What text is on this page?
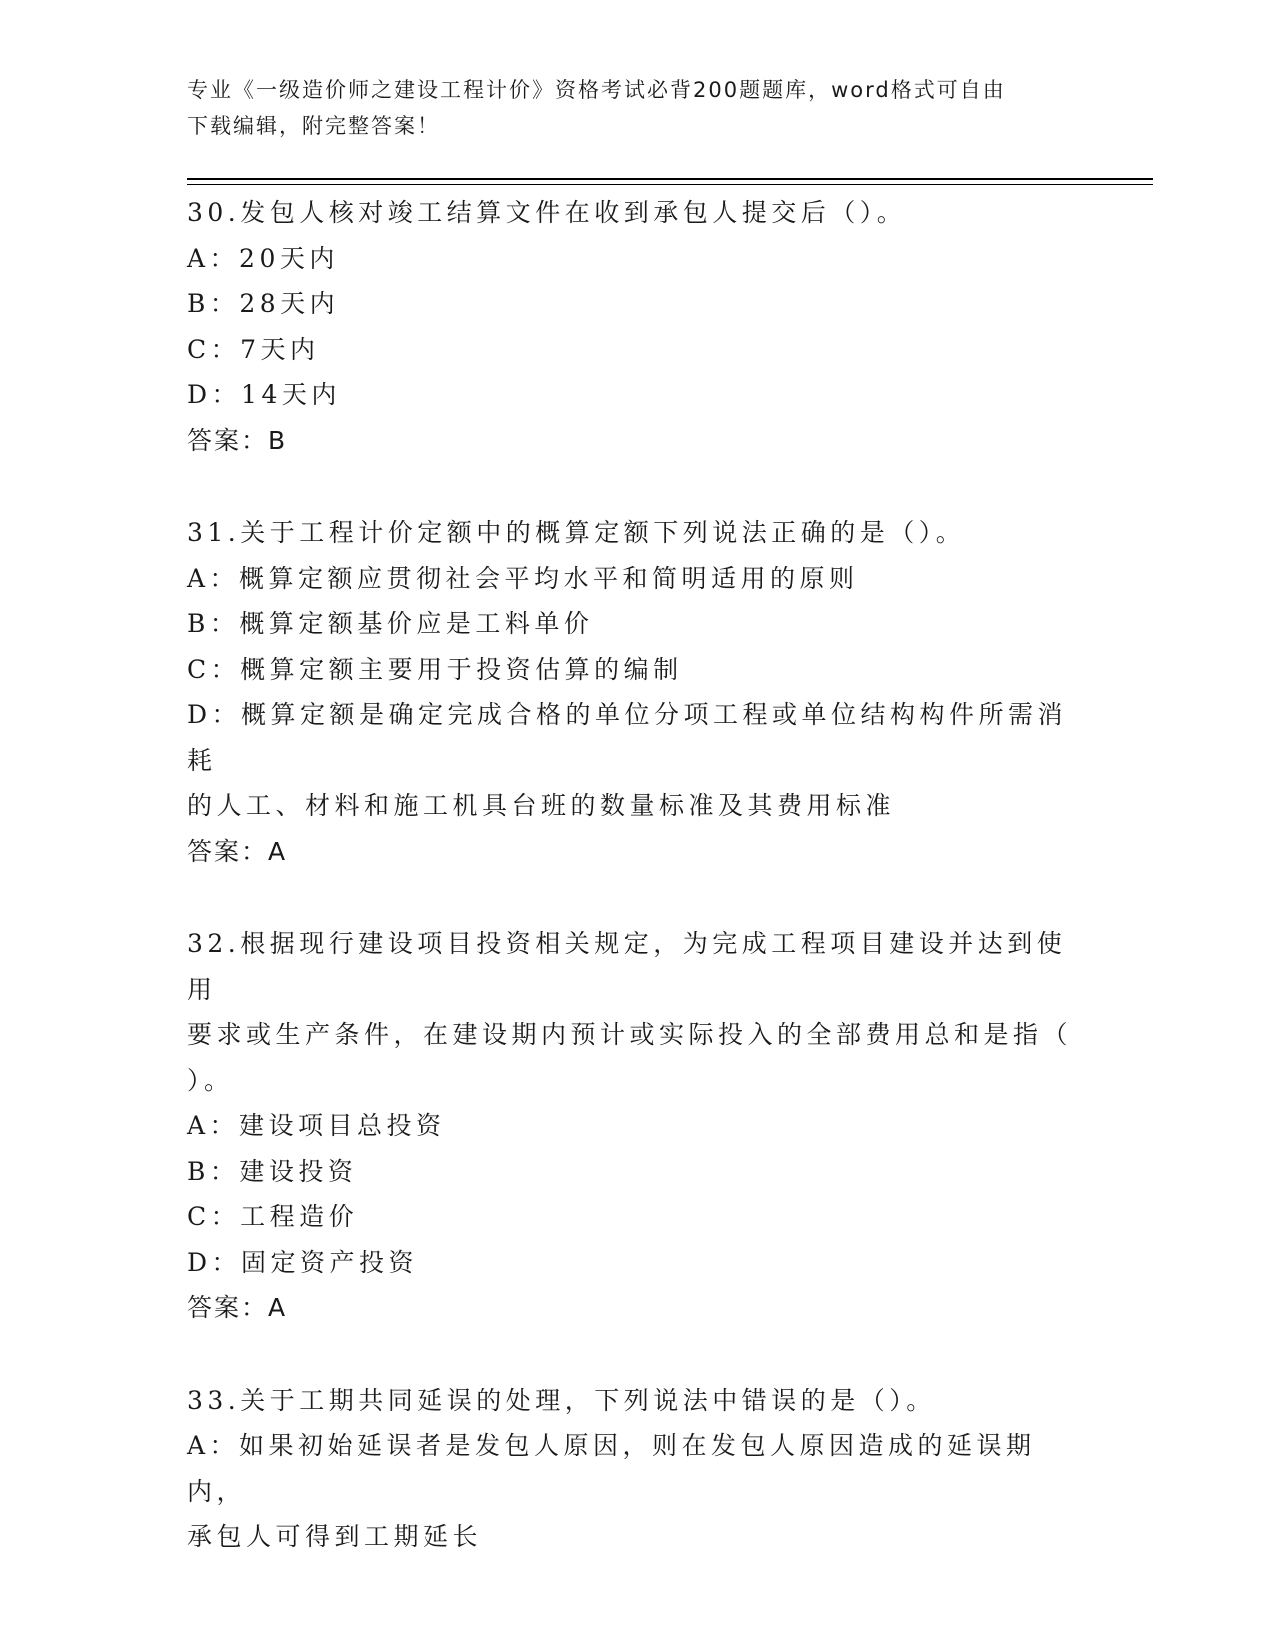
专业《一级造价师之建设工程计价》资格考试必背200题题库，word格式可自由
下载编辑，附完整答案！
30.发包人核对竣工结算文件在收到承包人提交后（）。
A：20天内
B：28天内
C：7天内
D：14天内
答案：B
31.关于工程计价定额中的概算定额下列说法正确的是（）。
A：概算定额应贯彻社会平均水平和简明适用的原则
B：概算定额基价应是工料单价
C：概算定额主要用于投资估算的编制
D：概算定额是确定完成合格的单位分项工程或单位结构构件所需消耗
的人工、材料和施工机具台班的数量标准及其费用标准
答案：A
32.根据现行建设项目投资相关规定，为完成工程项目建设并达到使用
要求或生产条件，在建设期内预计或实际投入的全部费用总和是指（
）。
A：建设项目总投资
B：建设投资
C：工程造价
D：固定资产投资
答案：A
33.关于工期共同延误的处理，下列说法中错误的是（）。
A：如果初始延误者是发包人原因，则在发包人原因造成的延误期内，
承包人可得到工期延长
